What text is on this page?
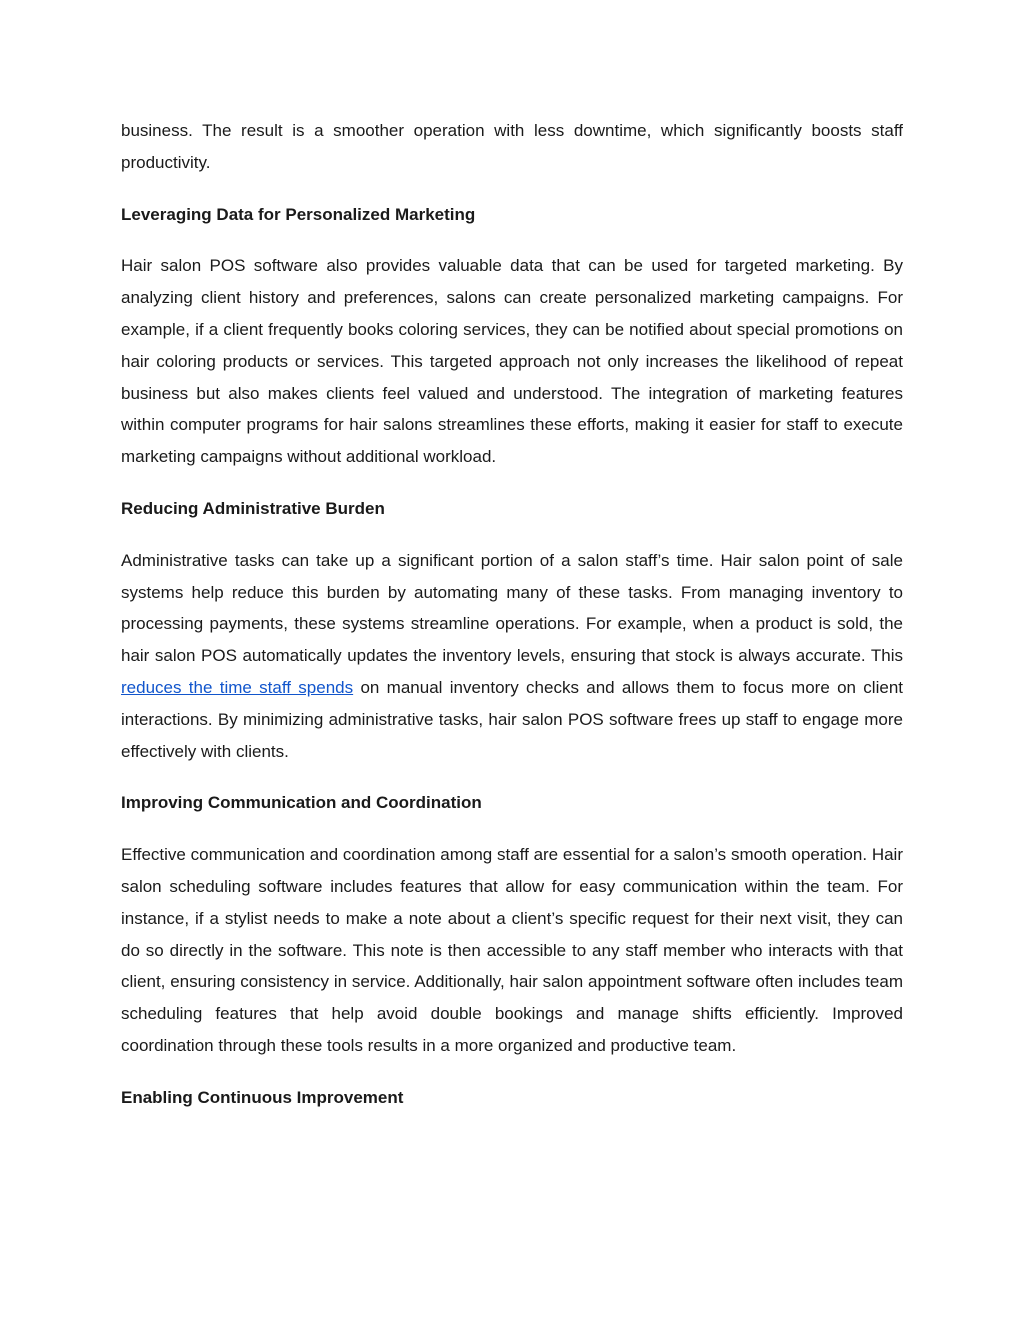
business. The result is a smoother operation with less downtime, which significantly boosts staff productivity.

Leveraging Data for Personalized Marketing

Hair salon POS software also provides valuable data that can be used for targeted marketing. By analyzing client history and preferences, salons can create personalized marketing campaigns. For example, if a client frequently books coloring services, they can be notified about special promotions on hair coloring products or services. This targeted approach not only increases the likelihood of repeat business but also makes clients feel valued and understood. The integration of marketing features within computer programs for hair salons streamlines these efforts, making it easier for staff to execute marketing campaigns without additional workload.

Reducing Administrative Burden

Administrative tasks can take up a significant portion of a salon staff’s time. Hair salon point of sale systems help reduce this burden by automating many of these tasks. From managing inventory to processing payments, these systems streamline operations. For example, when a product is sold, the hair salon POS automatically updates the inventory levels, ensuring that stock is always accurate. This reduces the time staff spends on manual inventory checks and allows them to focus more on client interactions. By minimizing administrative tasks, hair salon POS software frees up staff to engage more effectively with clients.

Improving Communication and Coordination

Effective communication and coordination among staff are essential for a salon’s smooth operation. Hair salon scheduling software includes features that allow for easy communication within the team. For instance, if a stylist needs to make a note about a client’s specific request for their next visit, they can do so directly in the software. This note is then accessible to any staff member who interacts with that client, ensuring consistency in service. Additionally, hair salon appointment software often includes team scheduling features that help avoid double bookings and manage shifts efficiently. Improved coordination through these tools results in a more organized and productive team.

Enabling Continuous Improvement
